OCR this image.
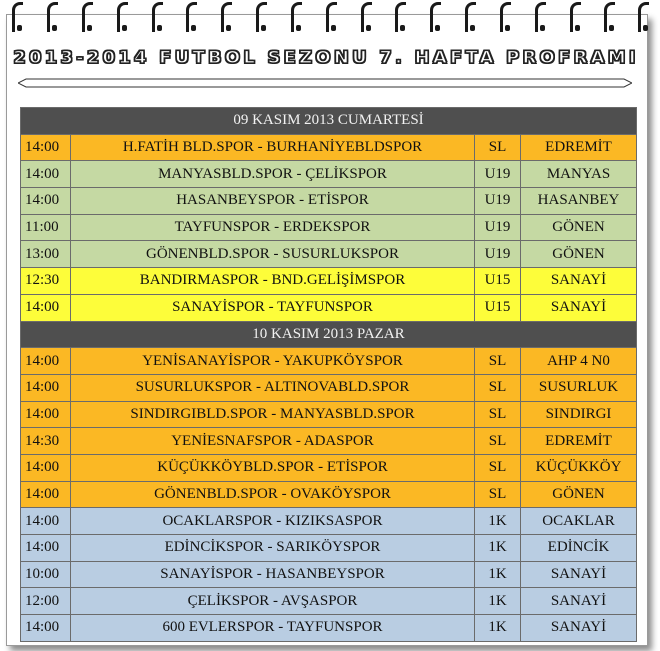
2013-2014 FUTBOL SEZONU 7. HAFTA PROFRAMI
09 KASIM 2013 CUMARTESİ			
14:00	H.FATİH BLD.SPOR - BURHANİYEBLDSPOR	SL	EDREMİT
14:00	MANYASBLD.SPOR - ÇELİKSPOR	U19	MANYAS
14:00	HASANBEYSPOR - ETİSPOR	U19	HASANBEY
11:00	TAYFUNSPOR - ERDEKSPOR	U19	GÖNEN
13:00	GÖNENBLD.SPOR - SUSURLUKSPOR	U19	GÖNEN
12:30	BANDIRMASPOR - BND.GELİŞİMSPOR	U15	SANAYİ
14:00	SANAYİSPOR - TAYFUNSPOR	U15	SANAYİ
10 KASIM 2013 PAZAR			
14:00	YENİSANAYİSPOR - YAKUPKÖYSPOR	SL	AHP 4 N0
14:00	SUSURLUKSPOR - ALTINOVABLD.SPOR	SL	SUSURLUK
14:00	SINDIRGIBLD.SPOR - MANYASBLD.SPOR	SL	SINDIRGI
14:30	YENİESNAFSPOR - ADASPOR	SL	EDREMİT
14:00	KÜÇÜKKÖYBLD.SPOR - ETİSPOR	SL	KÜÇÜKKÖY
14:00	GÖNENBLD.SPOR - OVAKÖYSPOR	SL	GÖNEN
14:00	OCAKLARSPOR - KIZIKSASPOR	1K	OCAKLAR
14:00	EDİNCİKSPOR - SARIKÖYSPOR	1K	EDİNCİK
10:00	SANAYİSPOR - HASANBEYSPOR	1K	SANAYİ
12:00	ÇELİKSPOR - AVŞASPOR	1K	SANAYİ
14:00	600 EVLERSPOR - TAYFUNSPOR	1K	SANAYİ
